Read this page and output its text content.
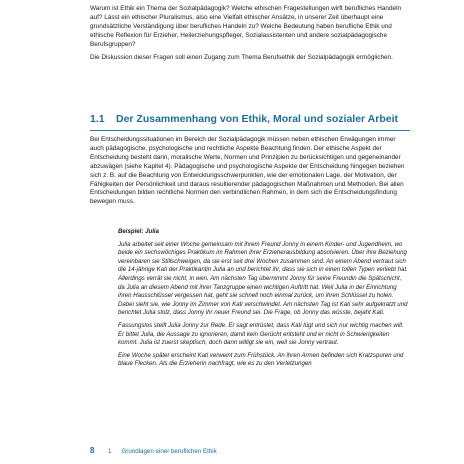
Warum ist Ethik ein Thema der Sozialpädagogik? Welche ethischen Fragestellungen wirft berufliches Handeln auf? Lässt ein ethischer Pluralismus, also eine Vielfalt ethischer Ansätze, in unserer Zeit überhaupt eine grundsätzliche Verständigung über berufliches Handeln zu? Welche Bedeutung haben berufliche Ethik und ethische Reflexion für Erzieher, Heilerziehungspfleger, Sozialassistenten und andere sozialpädagogische Berufsgruppen?

Die Diskussion dieser Fragen soll einen Zugang zum Thema Berufsethik der Sozialpädagogik ermöglichen.

1.1	Der Zusammenhang von Ethik, Moral und sozialer Arbeit

Bei Entscheidungssituationen im Bereich der Sozialpädagogik müssen neben ethischen Erwägungen immer auch pädagogische, psychologische und rechtliche Aspekte Beachtung finden. Der ethische Aspekt der Entscheidung besteht darin, moralische Werte, Normen und Prinzipien zu berücksichtigen und gegeneinander abzuwägen (siehe Kapitel 4). Pädagogische und psychologische Aspekte der Entscheidung hingegen beziehen sich z. B. auf die Beachtung von Entwicklungsschwerpunkten, wie der emotionalen Lage, der Motivation, der Fähigkeiten der Persönlichkeit und daraus resultierender pädagogischen Maßnahmen und Methoden. Bei allen Entscheidungen bilden rechtliche Normen den verbindlichen Rahmen, in dem sich die Entscheidungsfindung bewegen muss.

Beispiel: Julia

Julia arbeitet seit einer Woche gemeinsam mit ihrem Freund Jonny in einem Kinder- und Jugendheim, wo beide ein sechswöchiges Praktikum im Rahmen ihrer Erzieherausbildung absolvieren. Über ihre Beziehung vereinbaren sie Stillschweigen, da sie erst seit drei Wochen zusammen sind. An einem Abend vertraut sich die 14-jährige Kati der Praktikantin Julia an und berichtet ihr, dass sie sich in einen tollen Typen verliebt hat. Allerdings verrät sie nicht, in wen. Am nächsten Tag übernimmt Jonny für seine Freundin die Spätschicht, da Julia an diesem Abend mit ihrer Tanzgruppe einen wichtigen Auftritt hat. Weil Julia in der Einrichtung ihren Hausschlüssel vergessen hat, geht sie schnell noch einmal zurück, um ihren Schlüssel zu holen. Dabei sieht sie, wie Jonny im Zimmer von Kati verschwindet. Am nächsten Tag ist Kati sehr aufgekratzt und berichtet Julia stolz, dass Jonny ihr neuer Freund sei. Die Frage, ob Jonny das wüsste, bejaht Kati.

Fassungslos stellt Julia Jonny zur Rede. Er sagt entrüstet, dass Kati lügt und sich nur wichtig machen will. Er bittet Julia, die Aussage zu ignorieren, damit kein Gerücht entsteht und er nicht in Schwierigkeiten kommt. Julia ist zuerst skeptisch, doch dann willigt sie ein, weil sie Jonny vertraut.

Eine Woche später erscheint Kati verweint zum Frühstück. An ihren Armen befinden sich Kratzspuren und blaue Flecken. Als die Erzieherin nachfragt, wie es zu den Verletzungen

8	1 Grundlagen einer beruflichen Ethik
